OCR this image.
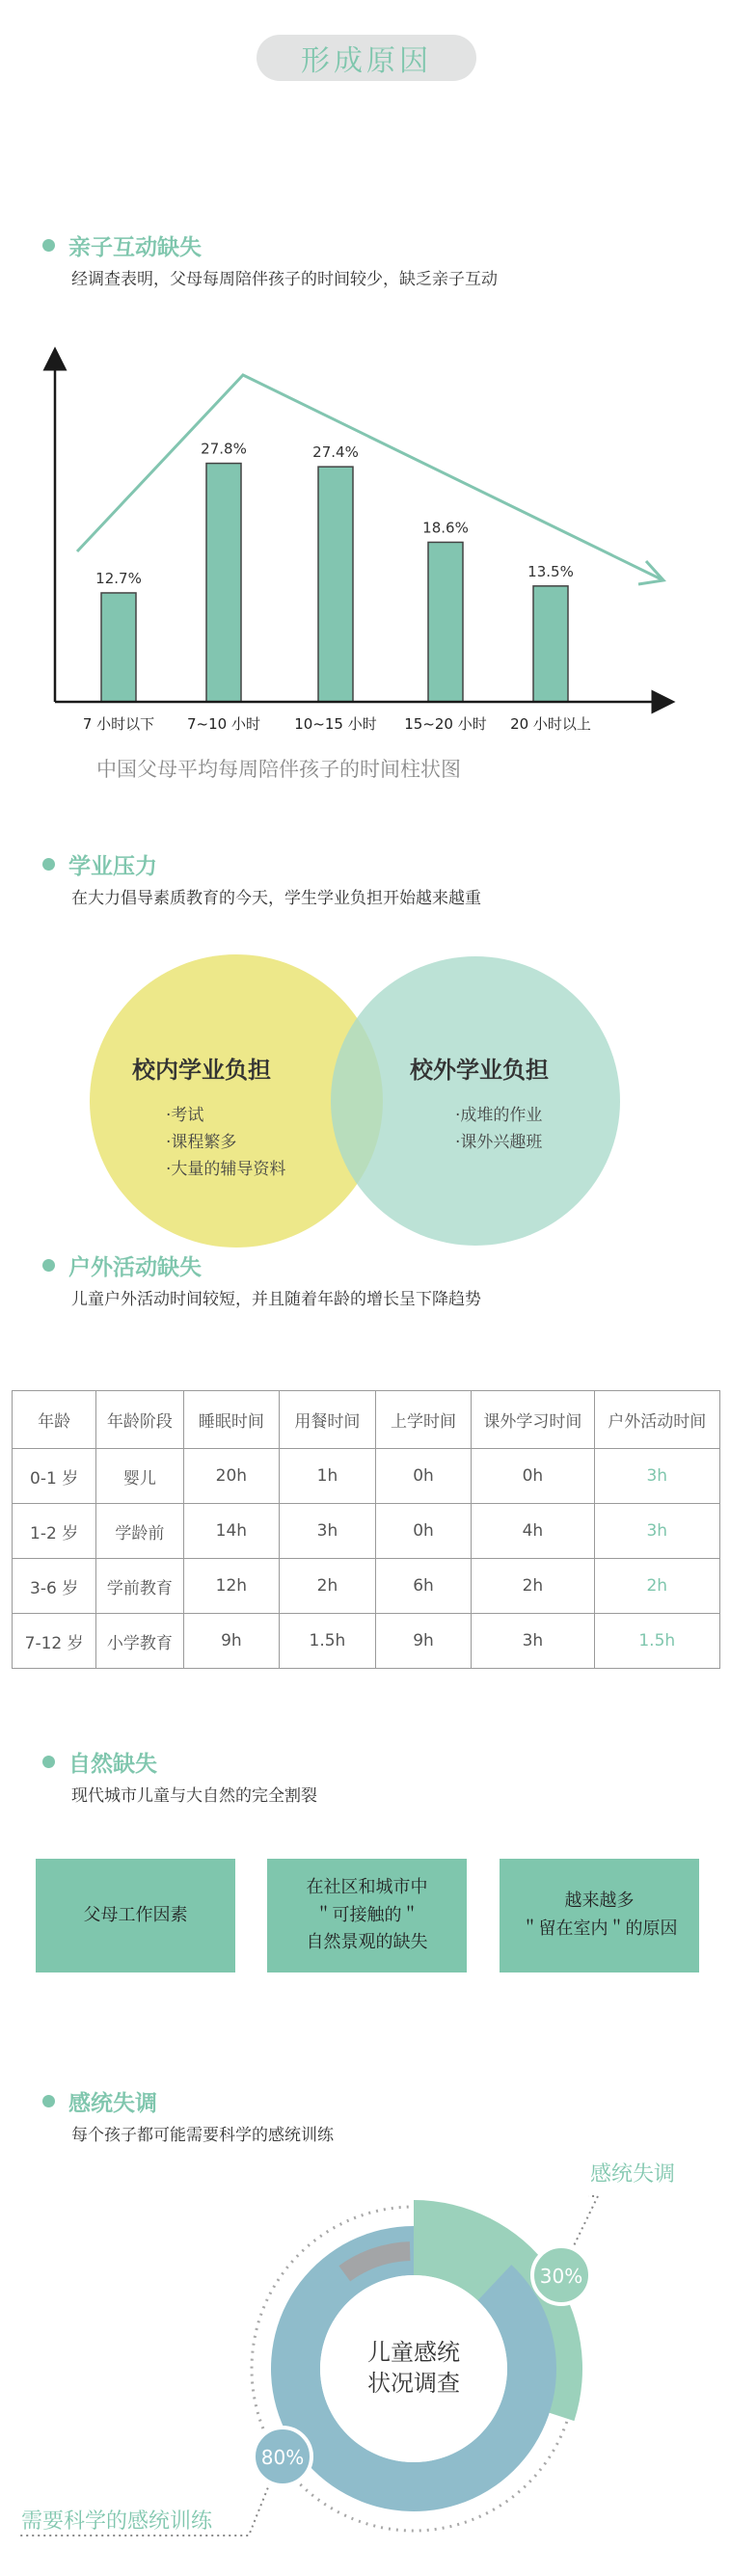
形成原因
亲子互动缺失
经调查表明，父母每周陪伴孩子的时间较少，缺乏亲子互动
12.7%
27.8%	27.4%
18.6%
13.5%
7 小时以下 7~10 小时 10~15 小时 15~20 小时 20 小时以上
中国父母平均每周陪伴孩子的时间柱状图
学业压力
在大力倡导素质教育的今天，学生学业负担开始越来越重
校内学业负担
·考试
·课程繁多
·大量的辅导资料
校外学业负担
·成堆的作业
·课外兴趣班
户外活动缺失
儿童户外活动时间较短，并且随着年龄的增长呈下降趋势
年龄	年龄阶段	睡眠时间	用餐时间	上学时间	课外学习时间	户外活动时间
0-1 岁	婴儿	20h	1h	0h	0h	3h
1-2 岁	学龄前	14h	3h	0h	4h	3h
3-6 岁	学前教育	12h	2h	6h	2h	2h
7-12 岁	小学教育	9h	1.5h	9h	3h	1.5h
自然缺失
现代城市儿童与大自然的完全割裂
父母工作因素
在社区和城市中
＂可接触的＂
自然景观的缺失
越来越多
＂留在室内＂的原因
感统失调
每个孩子都可能需要科学的感统训练
儿童感统
状况调查
30%
感统失调
80%
需要科学的感统训练
